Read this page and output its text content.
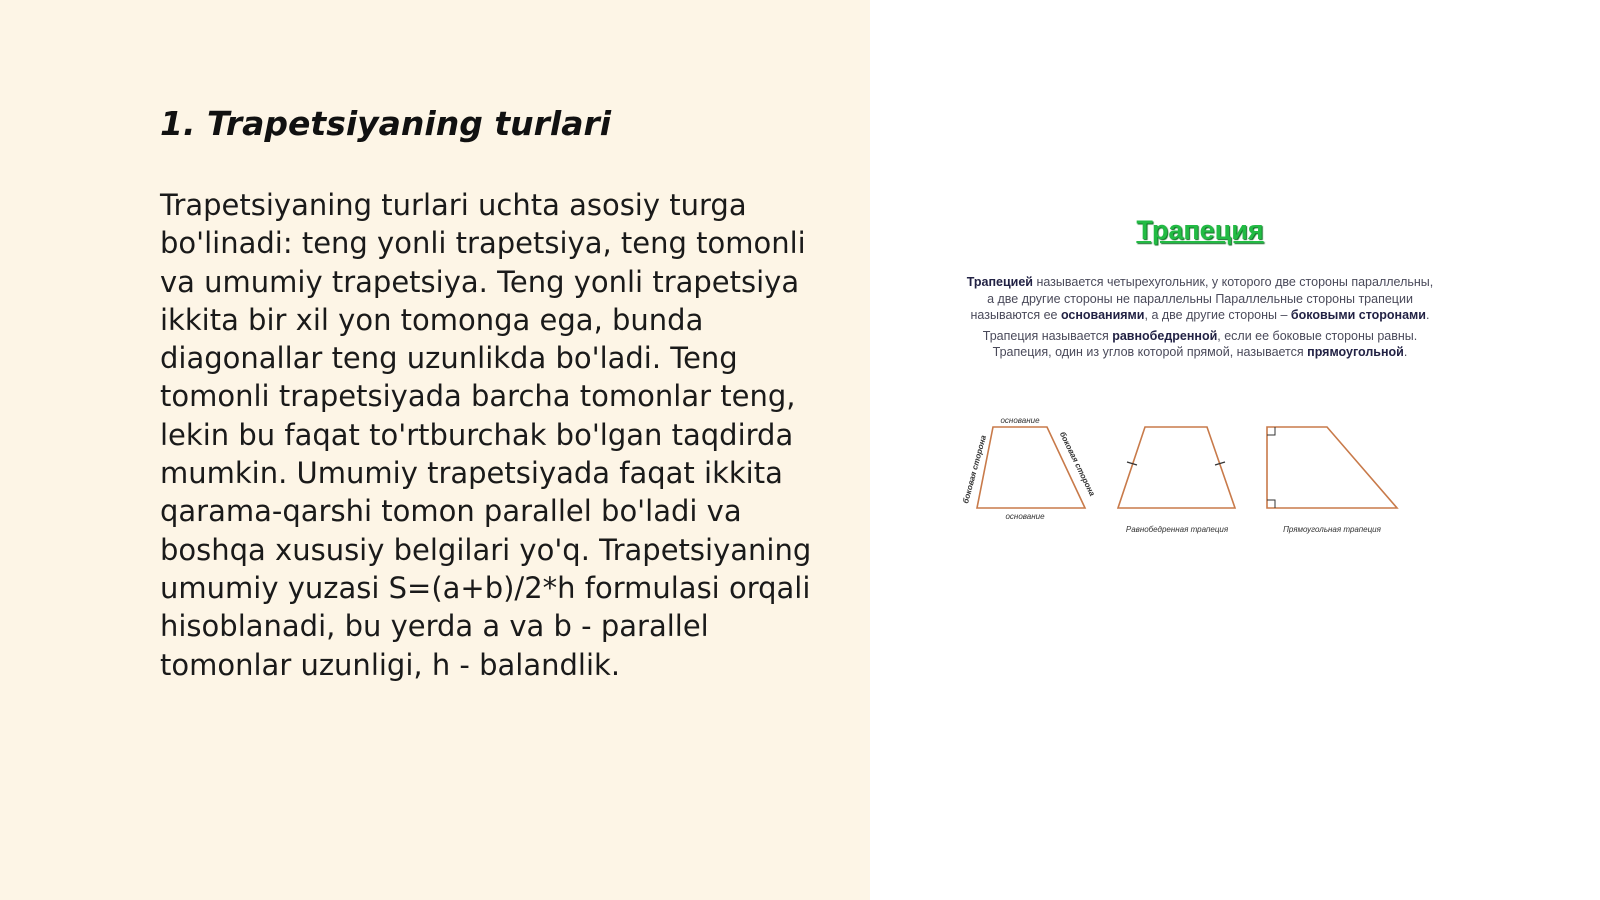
1. Trapetsiyaning turlari

Trapetsiyaning turlari uchta asosiy turga bo'linadi: teng yonli trapetsiya, teng tomonli va umumiy trapetsiya. Teng yonli trapetsiya ikkita bir xil yon tomonga ega, bunda diagonallar teng uzunlikda bo'ladi. Teng tomonli trapetsiyada barcha tomonlar teng, lekin bu faqat to'rtburchak bo'lgan taqdirda mumkin. Umumiy trapetsiyada faqat ikkita qarama-qarshi tomon parallel bo'ladi va boshqa xususiy belgilari yo'q. Trapetsiyaning umumiy yuzasi S=(a+b)/2*h formulasi orqali hisoblanadi, bu yerda a va b - parallel tomonlar uzunligi, h - balandlik.

Трапеция

Трапецией называется четырехугольник, у которого две стороны параллельны, а две другие стороны не параллельны Параллельные стороны трапеции называются ее основаниями, а две другие стороны – боковыми сторонами.

Трапеция называется равнобедренной, если ее боковые стороны равны. Трапеция, один из углов которой прямой, называется прямоугольной.

основание
основание
боковая сторона	боковая сторона
Равнобедренная трапеция	Прямоугольная трапеция
